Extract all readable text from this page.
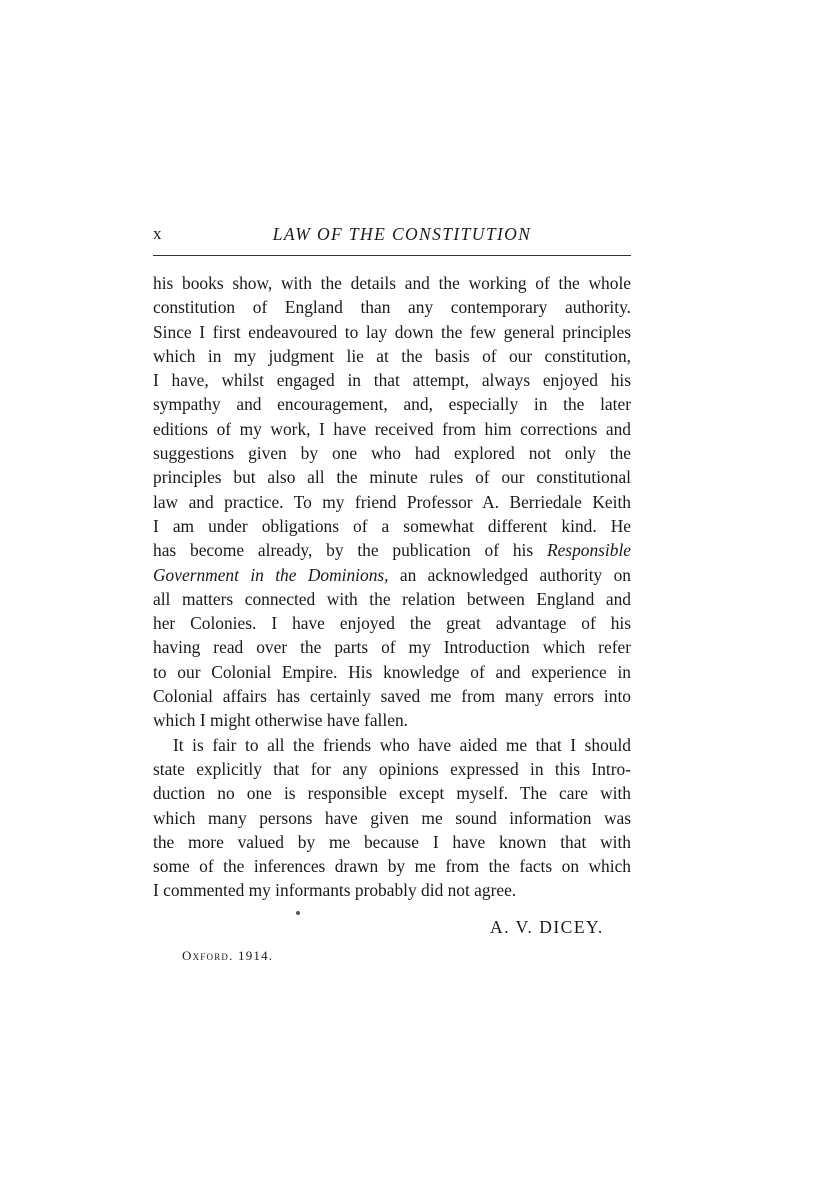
x	LAW OF THE CONSTITUTION
his books show, with the details and the working of the whole
constitution of England than any contemporary authority.
Since I first endeavoured to lay down the few general principles
which in my judgment lie at the basis of our constitution,
I have, whilst engaged in that attempt, always enjoyed his
sympathy and encouragement, and, especially in the later
editions of my work, I have received from him corrections and
suggestions given by one who had explored not only the
principles but also all the minute rules of our constitutional
law and practice. To my friend Professor A. Berriedale Keith
I am under obligations of a somewhat different kind. He
has become already, by the publication of his Responsible
Government in the Dominions, an acknowledged authority on
all matters connected with the relation between England and
her Colonies. I have enjoyed the great advantage of his
having read over the parts of my Introduction which refer
to our Colonial Empire. His knowledge of and experience in
Colonial affairs has certainly saved me from many errors into
which I might otherwise have fallen.
It is fair to all the friends who have aided me that I should
state explicitly that for any opinions expressed in this Intro-
duction no one is responsible except myself. The care with
which many persons have given me sound information was
the more valued by me because I have known that with
some of the inferences drawn by me from the facts on which
I commented my informants probably did not agree.
A. V. DICEY.
Oxford. 1914.
